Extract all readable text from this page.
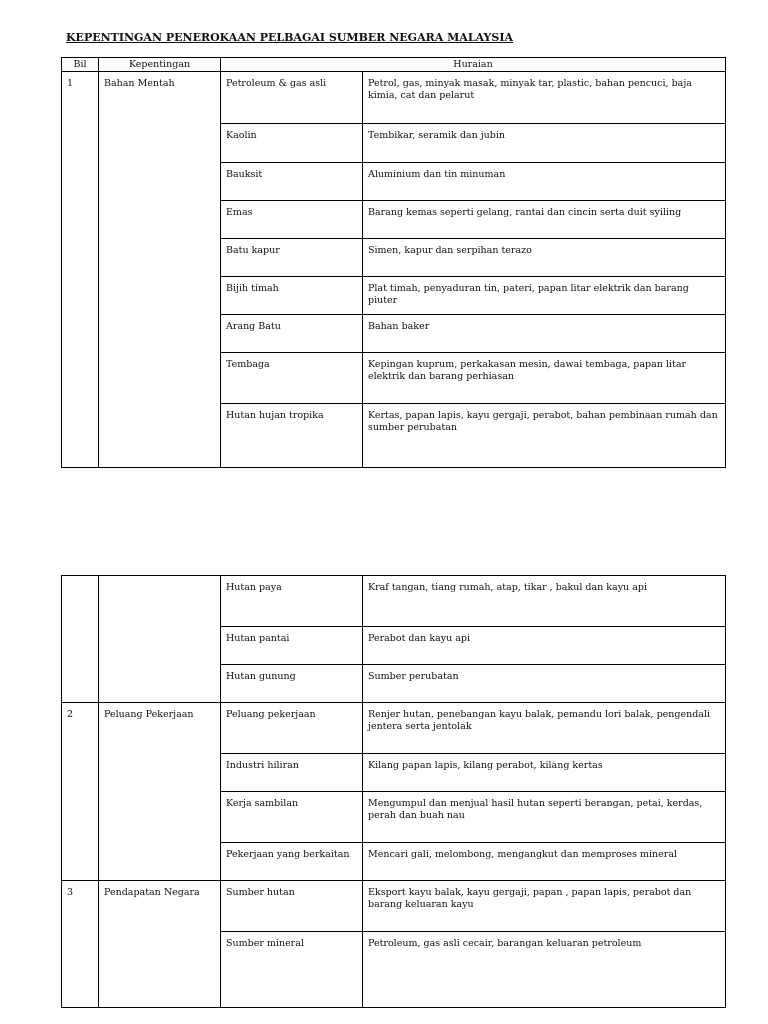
KEPENTINGAN PENEROKAAN PELBAGAI SUMBER NEGARA MALAYSIA
Bil	Kepentingan	Huraian	
1	Bahan Mentah	Petroleum & gas asli	Petrol, gas, minyak masak, minyak tar, plastic, bahan pencuci, baja kimia, cat dan pelarut
		Kaolin	Tembikar, seramik dan jubin
		Bauksit	Aluminium dan tin minuman
		Emas	Barang kemas seperti gelang, rantai dan cincin serta duit syiling
		Batu kapur	Simen, kapur dan serpihan terazo
		Bijih timah	Plat timah, penyaduran tin, pateri, papan litar elektrik dan barang piuter
		Arang Batu	Bahan baker
		Tembaga	Kepingan kuprum, perkakasan mesin, dawai tembaga, papan litar elektrik dan barang perhiasan
		Hutan hujan tropika	Kertas, papan lapis, kayu gergaji, perabot, bahan pembinaan rumah dan sumber perubatan
		Hutan paya	Kraf tangan, tiang rumah, atap, tikar , bakul dan kayu api
		Hutan pantai	Perabot dan kayu api
		Hutan gunung	Sumber perubatan
2	Peluang Pekerjaan	Peluang pekerjaan	Renjer hutan, penebangan kayu balak, pemandu lori balak, pengendali jentera serta jentolak
		Industri hiliran	Kilang papan lapis, kilang perabot, kilang kertas
		Kerja sambilan	Mengumpul dan menjual hasil hutan seperti berangan, petai, kerdas, perah dan buah nau
		Pekerjaan yang berkaitan	Mencari gali, melombong, mengangkut dan memproses mineral
3	Pendapatan Negara	Sumber hutan	Eksport kayu balak, kayu gergaji, papan , papan lapis, perabot dan barang keluaran kayu
		Sumber mineral	Petroleum, gas asli cecair, barangan keluaran petroleum
